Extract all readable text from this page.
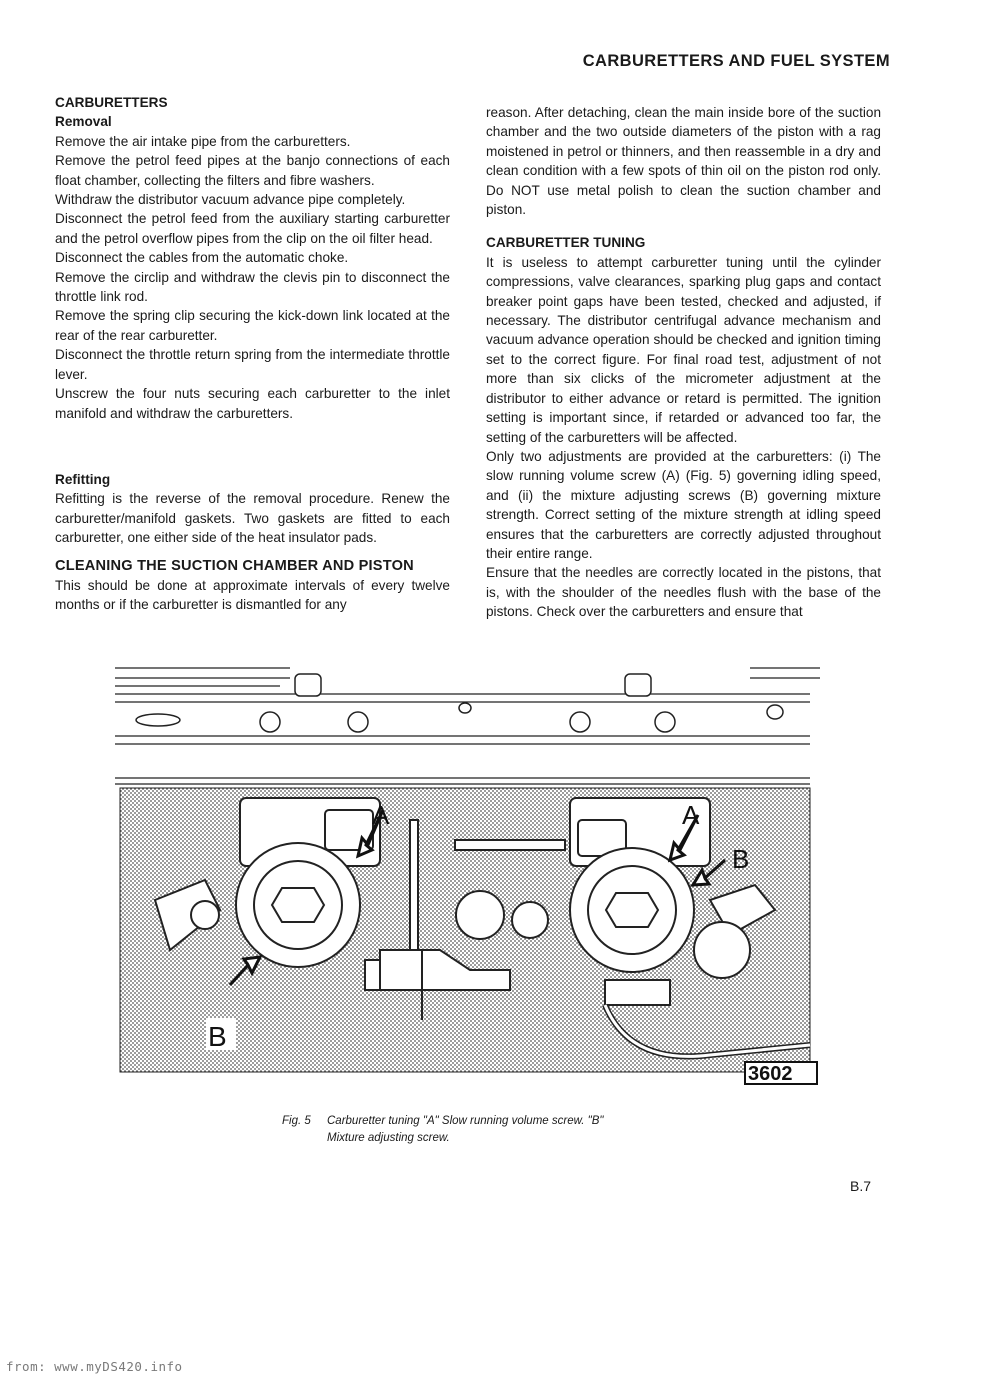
CARBURETTERS AND FUEL SYSTEM

CARBURETTERS

Removal

Remove the air intake pipe from the carburetters.

Remove the petrol feed pipes at the banjo connections of each float chamber, collecting the filters and fibre washers.

Withdraw the distributor vacuum advance pipe completely.

Disconnect the petrol feed from the auxiliary starting carburetter and the petrol overflow pipes from the clip on the oil filter head.

Disconnect the cables from the automatic choke.

Remove the circlip and withdraw the clevis pin to disconnect the throttle link rod.

Remove the spring clip securing the kick-down link located at the rear of the rear carburetter.

Disconnect the throttle return spring from the intermediate throttle lever.

Unscrew the four nuts securing each carburetter to the inlet manifold and withdraw the carburetters.

Refitting

Refitting is the reverse of the removal procedure. Renew the carburetter/manifold gaskets. Two gaskets are fitted to each carburetter, one either side of the heat insulator pads.

CLEANING THE SUCTION CHAMBER AND PISTON

This should be done at approximate intervals of every twelve months or if the carburetter is dismantled for any

reason. After detaching, clean the main inside bore of the suction chamber and the two outside diameters of the piston with a rag moistened in petrol or thinners, and then reassemble in a dry and clean condition with a few spots of thin oil on the piston rod only. Do NOT use metal polish to clean the suction chamber and piston.

CARBURETTER TUNING

It is useless to attempt carburetter tuning until the cylinder compressions, valve clearances, sparking plug gaps and contact breaker point gaps have been tested, checked and adjusted, if necessary. The distributor centrifugal advance mechanism and vacuum advance operation should be checked and ignition timing set to the correct figure. For final road test, adjustment of not more than six clicks of the micrometer adjustment at the distributor to either advance or retard is permitted. The ignition setting is important since, if retarded or advanced too far, the setting of the carburetters will be affected.

Only two adjustments are provided at the carburetters: (i) The slow running volume screw (A) (Fig. 5) governing idling speed, and (ii) the mixture adjusting screws (B) governing mixture strength. Correct setting of the mixture strength at idling speed ensures that the carburetters are correctly adjusted throughout their entire range.

Ensure that the needles are correctly located in the pistons, that is, with the shoulder of the needles flush with the base of the pistons. Check over the carburetters and ensure that

A	A
B
B
3602
Fig. 5 Carburetter tuning "A" Slow running volume screw. "B"
Mixture adjusting screw.
B.7
from: www.myDS420.info
